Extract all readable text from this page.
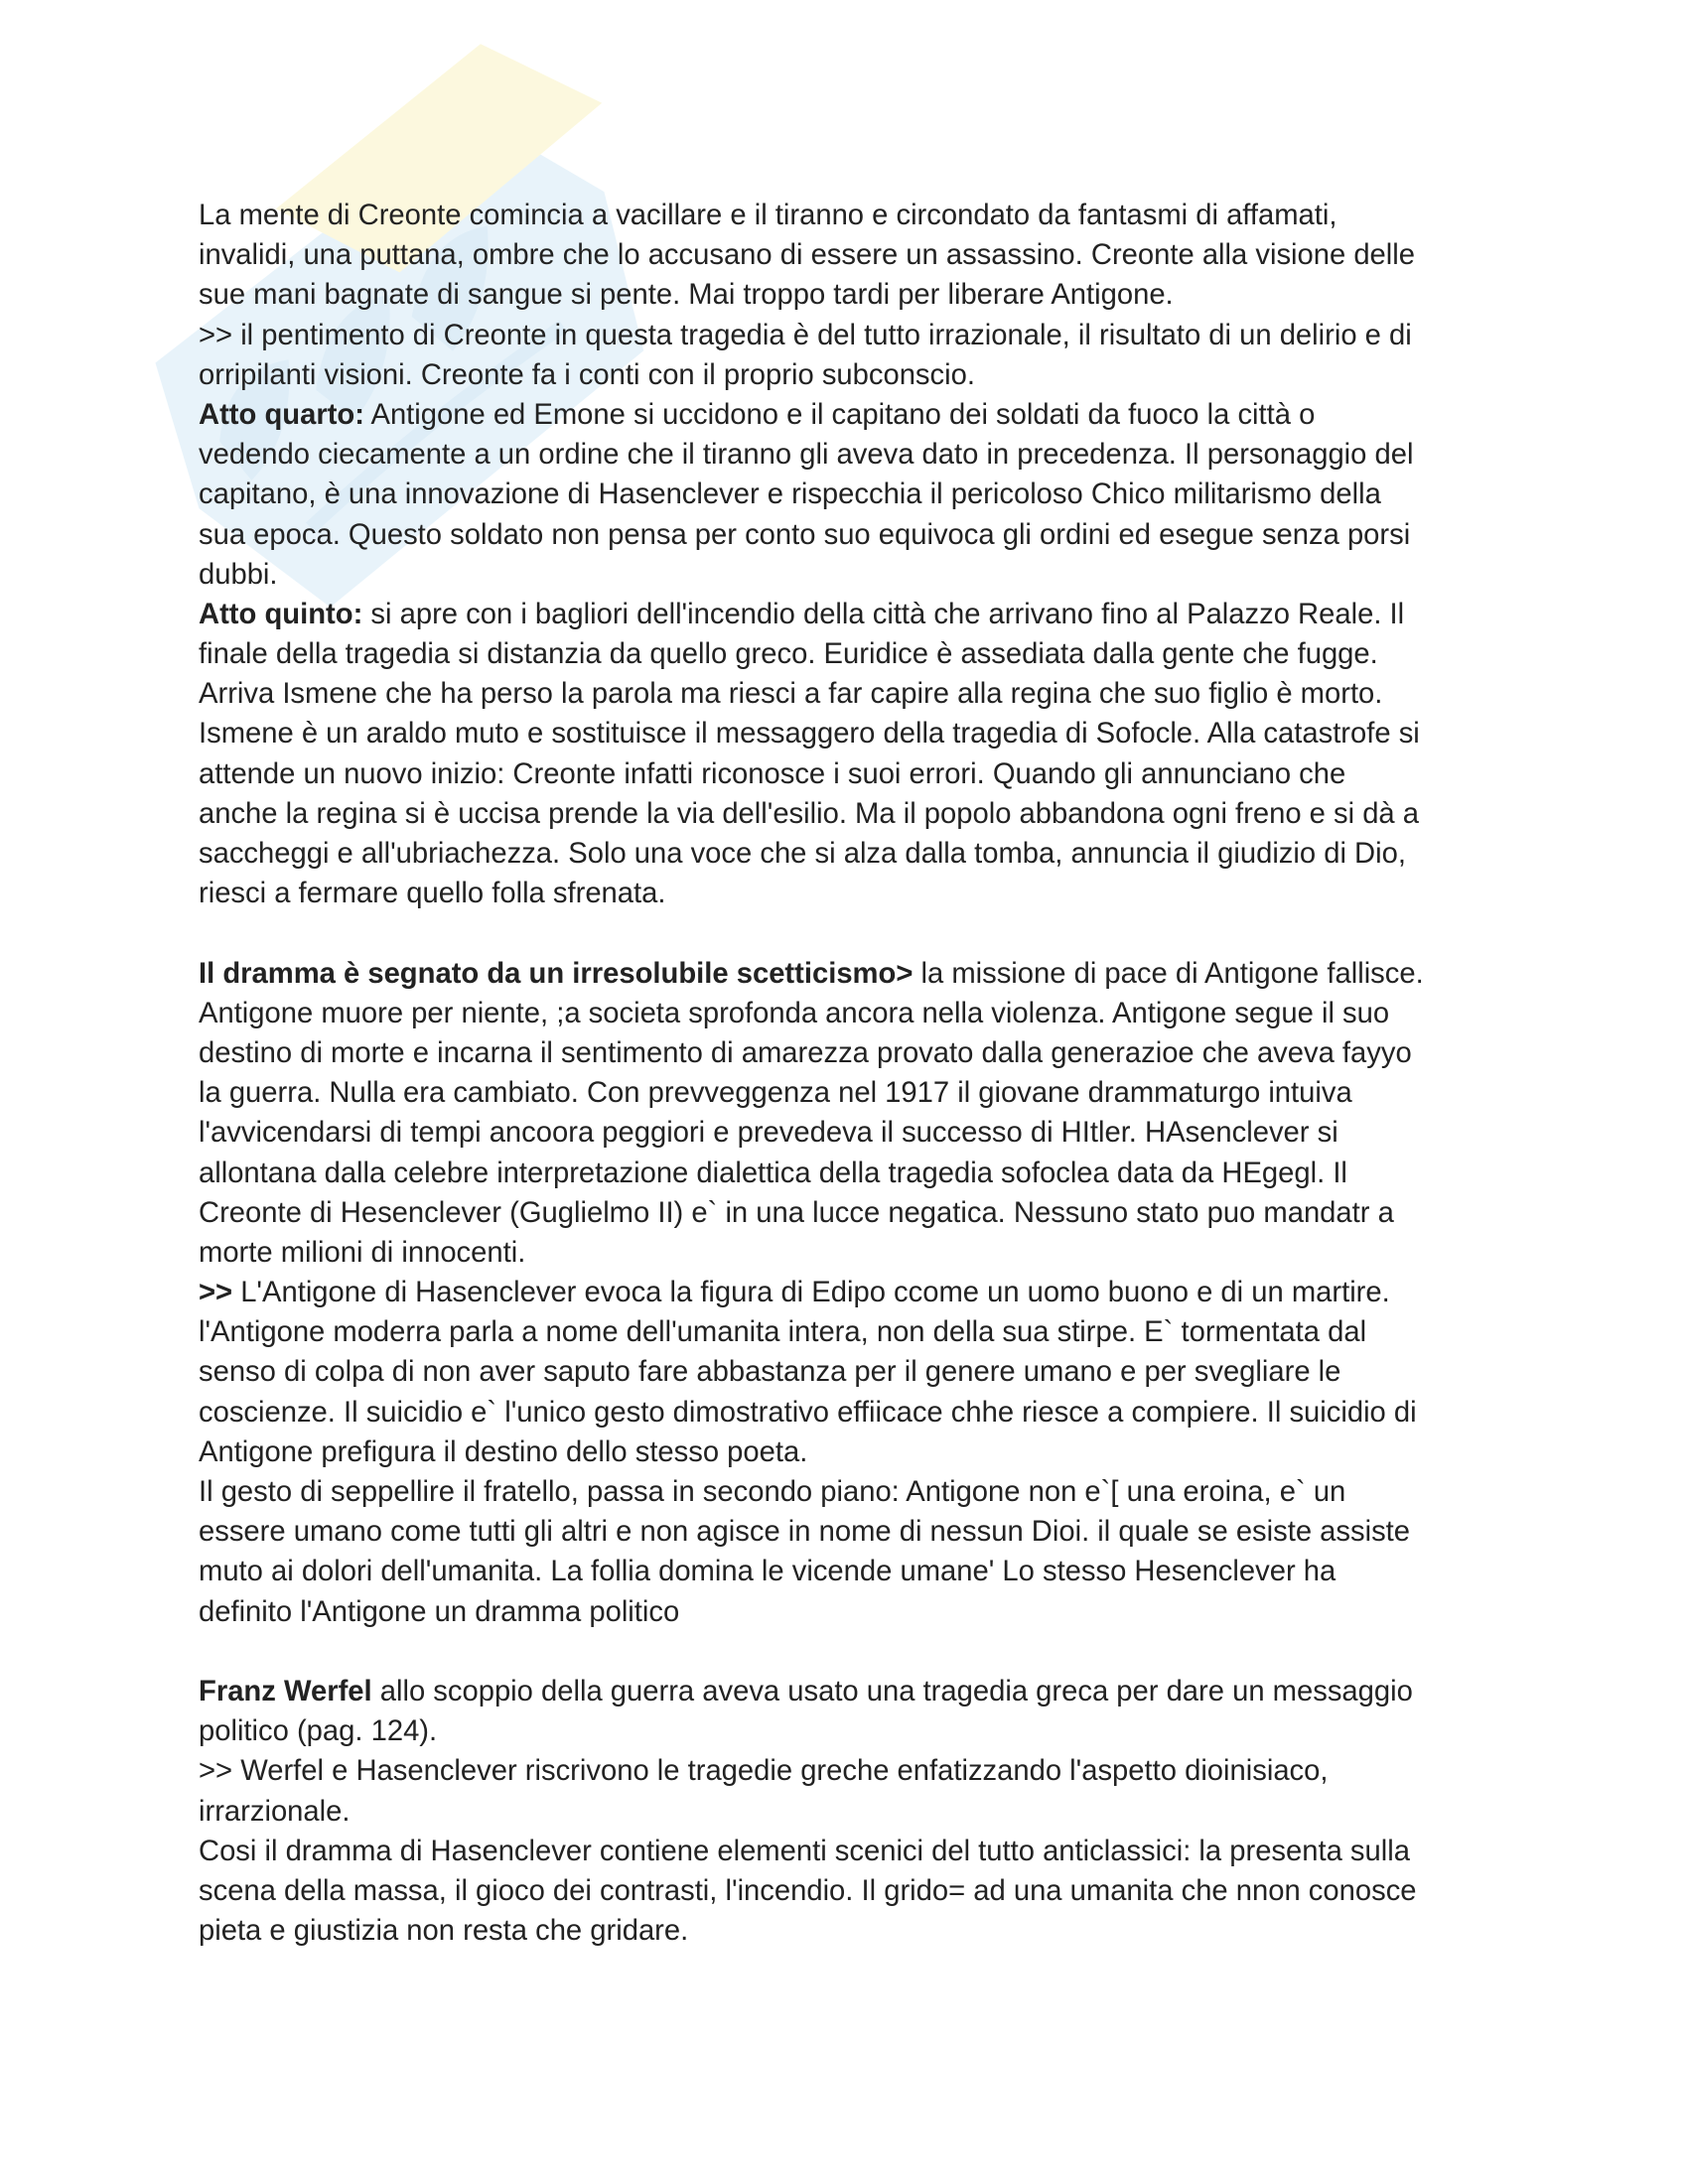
La mente di Creonte comincia a vacillare e il tiranno e circondato da fantasmi di affamati,
invalidi, una puttana, ombre che lo accusano di essere un assassino. Creonte alla visione delle
sue mani bagnate di sangue si pente. Mai troppo tardi per liberare Antigone.
>> il pentimento di Creonte in questa tragedia è del tutto irrazionale, il risultato di un delirio e di
orripilanti visioni. Creonte fa i conti con il proprio subconscio.
Atto quarto: Antigone ed Emone si uccidono e il capitano dei soldati da fuoco la città o
vedendo ciecamente a un ordine che il tiranno gli aveva dato in precedenza. Il personaggio del
capitano, è una innovazione di Hasenclever e rispecchia il pericoloso Chico militarismo della
sua epoca. Questo soldato non pensa per conto suo equivoca gli ordini ed esegue senza porsi
dubbi.
Atto quinto: si apre con i bagliori dell'incendio della città che arrivano fino al Palazzo Reale. Il
finale della tragedia si distanzia da quello greco. Euridice è assediata dalla gente che fugge.
Arriva Ismene che ha perso la parola ma riesci a far capire alla regina che suo figlio è morto.
Ismene è un araldo muto e sostituisce il messaggero della tragedia di Sofocle. Alla catastrofe si
attende un nuovo inizio: Creonte infatti riconosce i suoi errori. Quando gli annunciano che
anche la regina si è uccisa prende la via dell'esilio. Ma il popolo abbandona ogni freno e si dà a
saccheggi e all'ubriachezza. Solo una voce che si alza dalla tomba, annuncia il giudizio di Dio,
riesci a fermare quello folla sfrenata.
Il dramma è segnato da un irresolubile scetticismo> la missione di pace di Antigone fallisce.
Antigone muore per niente, ;a societa sprofonda ancora nella violenza. Antigone segue il suo
destino di morte e incarna il sentimento di amarezza provato dalla generazioe che aveva fayyo
la guerra. Nulla era cambiato. Con prevveggenza nel 1917 il giovane drammaturgo intuiva
l'avvicendarsi di tempi ancoora peggiori e prevedeva il successo di HItler. HAsenclever si
allontana dalla celebre interpretazione dialettica della tragedia sofoclea data da HEgegl. Il
Creonte di Hesenclever (Guglielmo II) e` in una lucce negatica. Nessuno stato puo mandatr a
morte milioni di innocenti.
>> L'Antigone di Hasenclever evoca la figura di Edipo ccome un uomo buono e di un martire.
l'Antigone moderra parla a nome dell'umanita intera, non della sua stirpe. E` tormentata dal
senso di colpa di non aver saputo fare abbastanza per il genere umano e per svegliare le
coscienze. Il suicidio e` l'unico gesto dimostrativo effiicace chhe riesce a compiere. Il suicidio di
Antigone prefigura il destino dello stesso poeta.
Il gesto di seppellire il fratello, passa in secondo piano: Antigone non e`[ una eroina, e` un
essere umano come tutti gli altri e non agisce in nome di nessun Dioi. il quale se esiste assiste
muto ai dolori dell'umanita. La follia domina le vicende umane' Lo stesso Hesenclever ha
definito l'Antigone un dramma politico
Franz Werfel allo scoppio della guerra aveva usato una tragedia greca per dare un messaggio
politico (pag. 124).
>> Werfel e Hasenclever riscrivono le tragedie greche enfatizzando l'aspetto dioinisiaco,
irrarzionale.
Cosi il dramma di Hasenclever contiene elementi scenici del tutto anticlassici: la presenta sulla
scena della massa, il gioco dei contrasti, l'incendio. Il grido= ad una umanita che nnon conosce
pieta e giustizia non resta che gridare.
